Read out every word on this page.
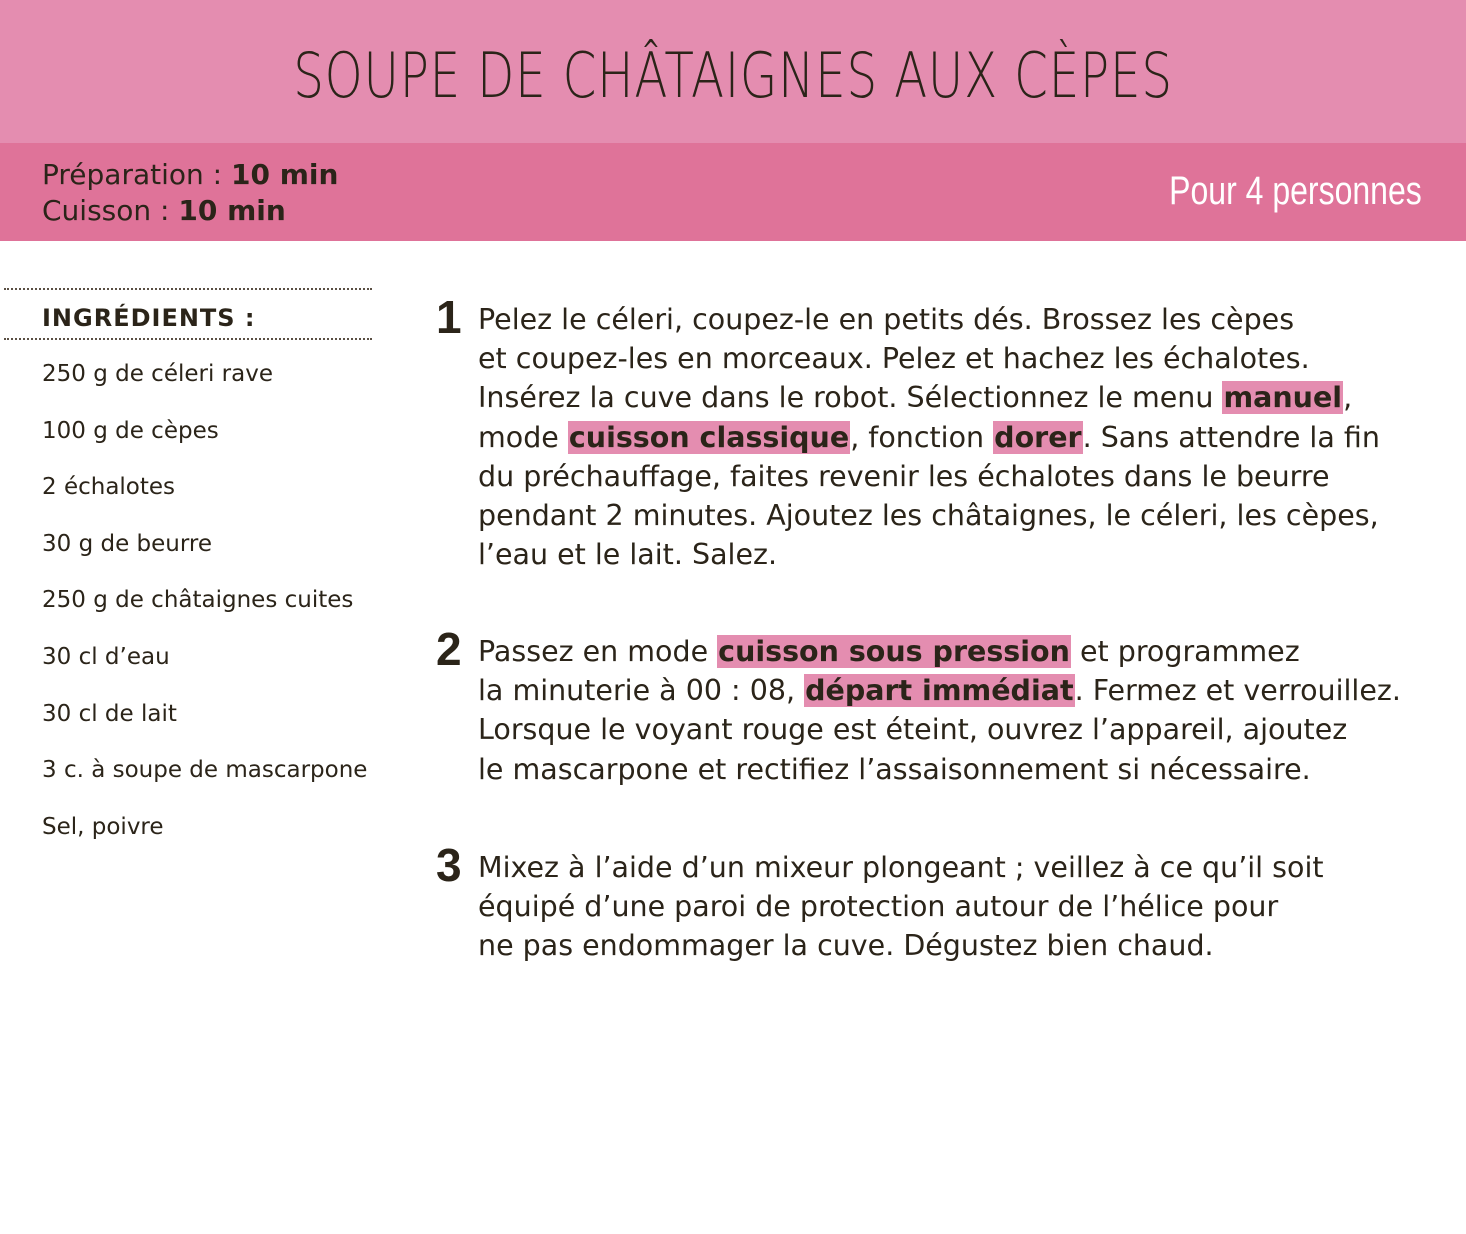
SOUPE DE CHÂTAIGNES AUX CÈPES
Préparation : 10 min
Cuisson : 10 min	Pour 4 personnes
INGRÉDIENTS :
250 g de céleri rave
100 g de cèpes
2 échalotes
30 g de beurre
250 g de châtaignes cuites
30 cl d’eau
30 cl de lait
3 c. à soupe de mascarpone
Sel, poivre
1 Pelez le céleri, coupez-le en petits dés. Brossez les cèpes
et coupez-les en morceaux. Pelez et hachez les échalotes.
Insérez la cuve dans le robot. Sélectionnez le menu manuel,
mode cuisson classique, fonction dorer. Sans attendre la fin
du préchauffage, faites revenir les échalotes dans le beurre
pendant 2 minutes. Ajoutez les châtaignes, le céleri, les cèpes,
l’eau et le lait. Salez.

2 Passez en mode cuisson sous pression et programmez
la minuterie à 00 : 08, départ immédiat. Fermez et verrouillez.
Lorsque le voyant rouge est éteint, ouvrez l’appareil, ajoutez
le mascarpone et rectifiez l’assaisonnement si nécessaire.

3 Mixez à l’aide d’un mixeur plongeant ; veillez à ce qu’il soit
équipé d’une paroi de protection autour de l’hélice pour
ne pas endommager la cuve. Dégustez bien chaud.
